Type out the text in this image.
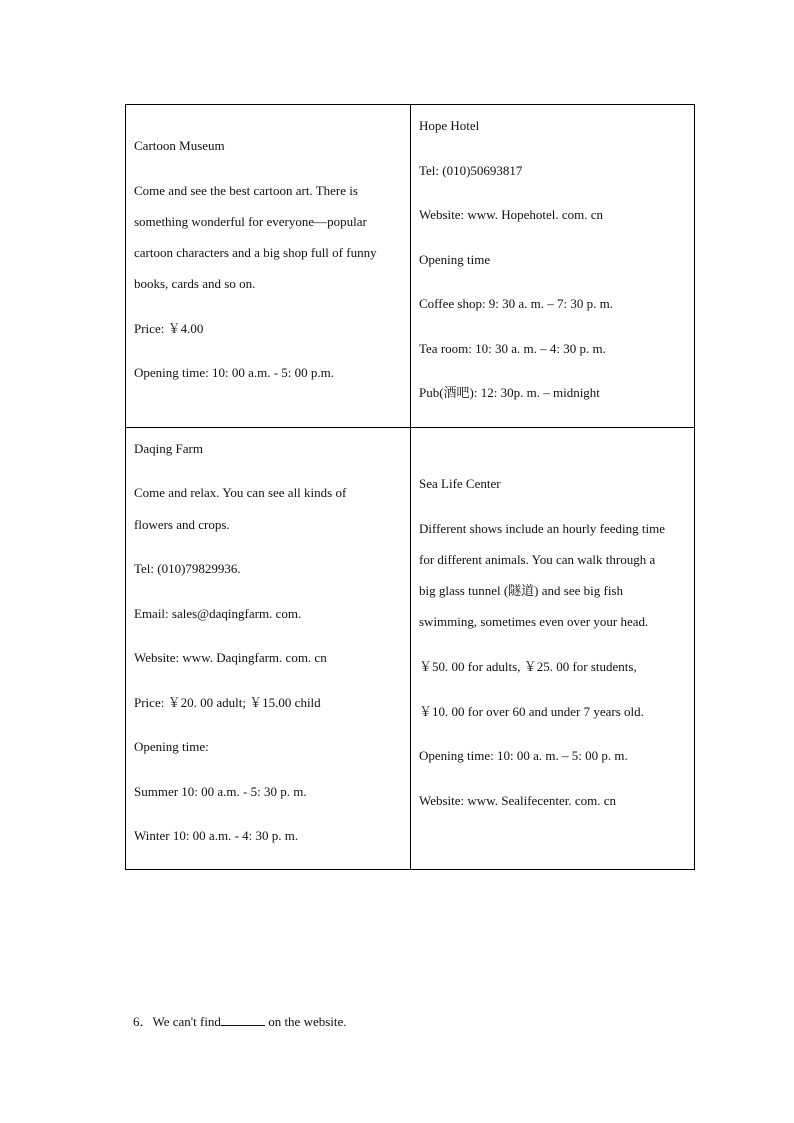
Cartoon Museum
Come and see the best cartoon art. There is
something wonderful for everyone—popular
cartoon characters and a big shop full of funny
books, cards and so on.
Price: ￥4.00
Opening time: 10: 00 a.m. - 5: 00 p.m.
Hope Hotel
Tel: (010)50693817
Website: www. Hopehotel. com. cn
Opening time
Coffee shop: 9: 30 a. m. – 7: 30 p. m.
Tea room: 10: 30 a. m. – 4: 30 p. m.
Pub(酒吧): 12: 30p. m. – midnight
Daqing Farm
Come and relax. You can see all kinds of
flowers and crops.
Tel: (010)79829936.
Email: sales@daqingfarm. com.
Website: www. Daqingfarm. com. cn
Price: ￥20. 00 adult; ￥15.00 child
Opening time:
Summer 10: 00 a.m. - 5: 30 p. m.
Winter 10: 00 a.m. - 4: 30 p. m.
Sea Life Center
Different shows include an hourly feeding time
for different animals. You can walk through a
big glass tunnel (隧道) and see big fish
swimming, sometimes even over your head.
￥50. 00 for adults, ￥25. 00 for students,
￥10. 00 for over 60 and under 7 years old.
Opening time: 10: 00 a. m. – 5: 00 p. m.
Website: www. Sealifecenter. com. cn
6．We can't find	on the website.
